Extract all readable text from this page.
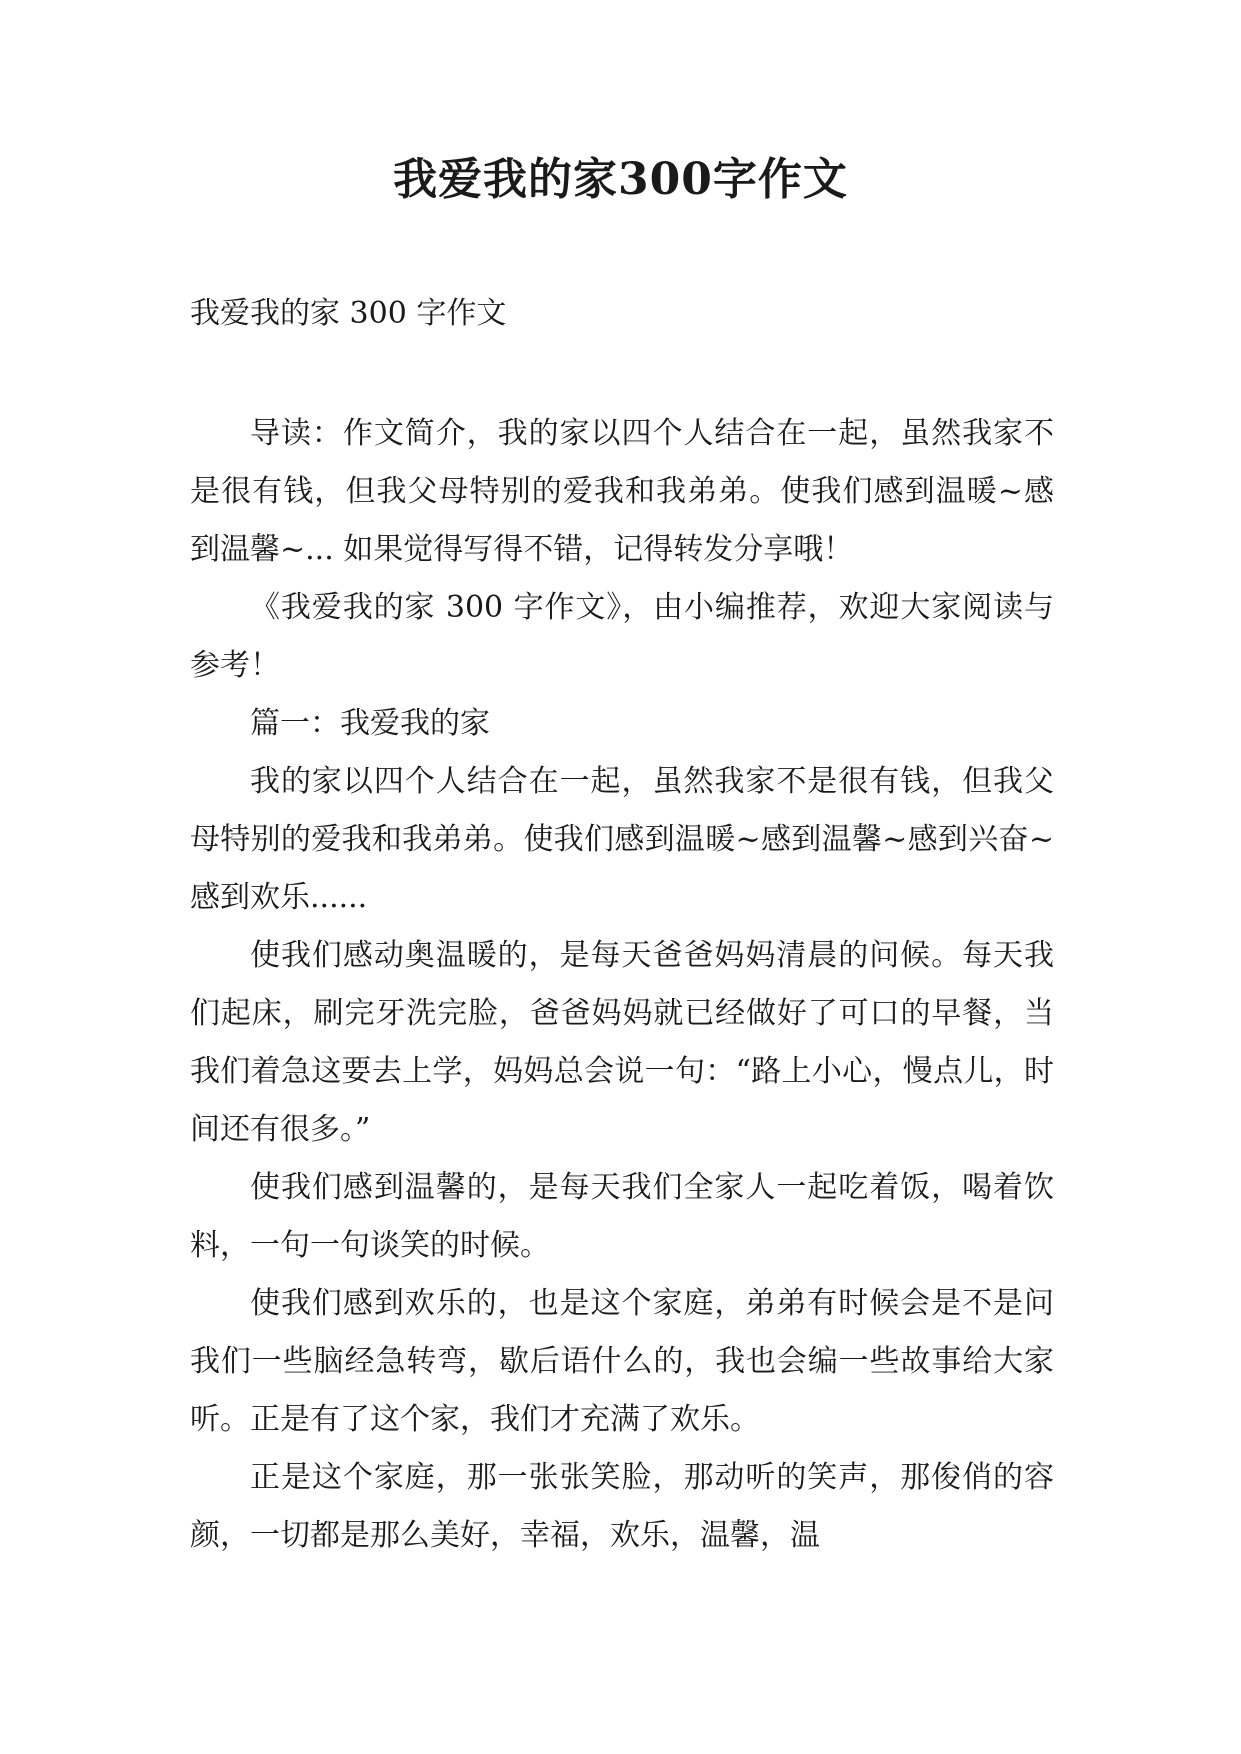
我爱我的家300字作文
我爱我的家 300 字作文

导读：作文简介，我的家以四个人结合在一起，虽然我家不是很有钱，但我父母特别的爱我和我弟弟。使我们感到温暖~感到温馨~... 如果觉得写得不错，记得转发分享哦！

《我爱我的家 300 字作文》，由小编推荐，欢迎大家阅读与参考！

篇一：我爱我的家

我的家以四个人结合在一起，虽然我家不是很有钱，但我父母特别的爱我和我弟弟。使我们感到温暖~感到温馨~感到兴奋~感到欢乐......

使我们感动奥温暖的，是每天爸爸妈妈清晨的问候。每天我们起床，刷完牙洗完脸，爸爸妈妈就已经做好了可口的早餐，当我们着急这要去上学，妈妈总会说一句：“路上小心，慢点儿，时间还有很多。”

使我们感到温馨的，是每天我们全家人一起吃着饭，喝着饮料，一句一句谈笑的时候。

使我们感到欢乐的，也是这个家庭，弟弟有时候会是不是问我们一些脑经急转弯，歇后语什么的，我也会编一些故事给大家听。正是有了这个家，我们才充满了欢乐。

正是这个家庭，那一张张笑脸，那动听的笑声，那俊俏的容颜，一切都是那么美好，幸福，欢乐，温馨，温
